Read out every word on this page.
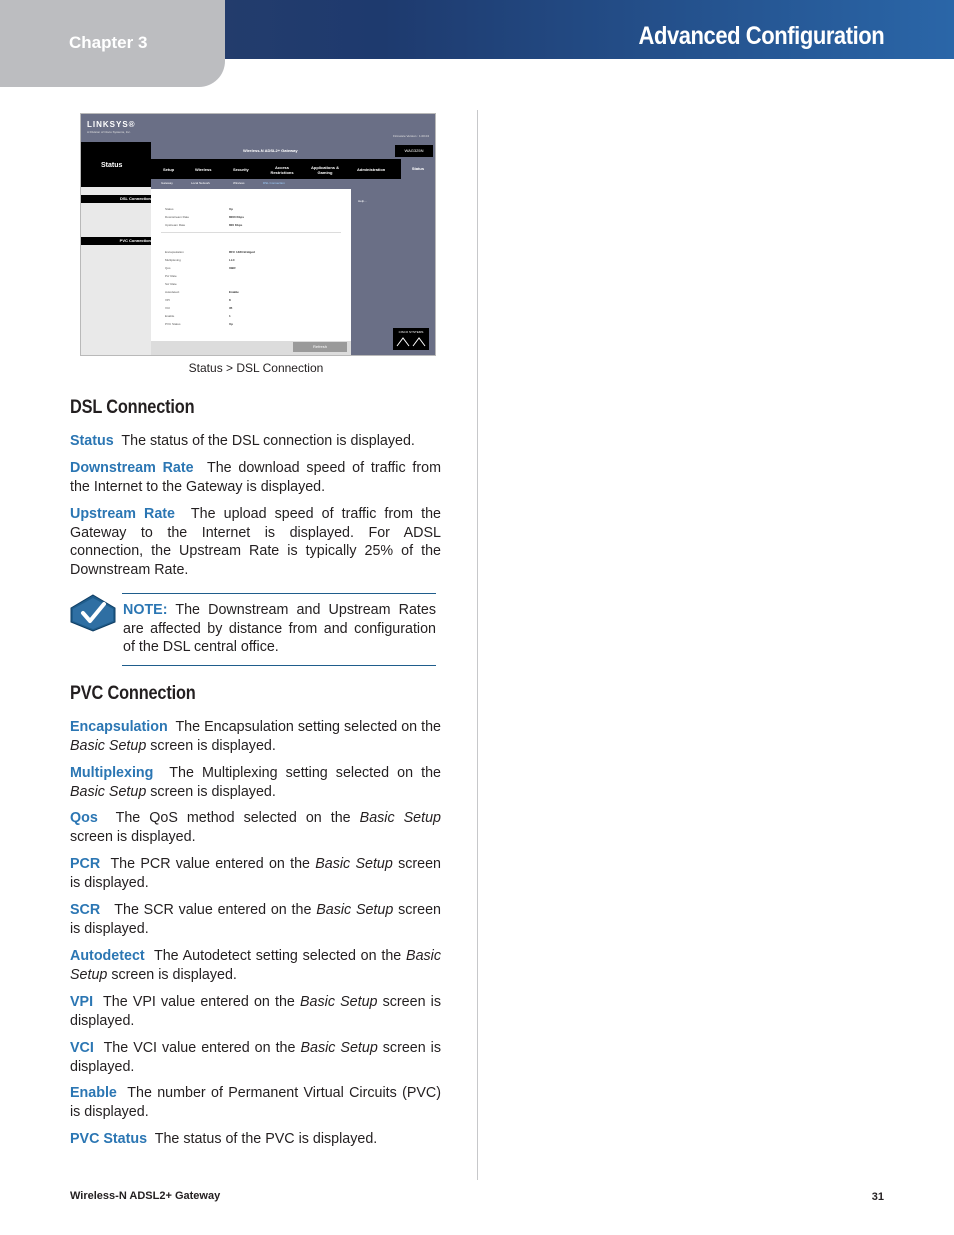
Chapter 3	Advanced Configuration
LINKSYS®
A Division of Cisco Systems, Inc.
Firmware Version : 1.00.04
Status
Wireless-N ADSL2+ Gateway	WAG325N
Setup	Wireless	Security	Access Restrictions
Applications & Gaming
Administration	Status
Gateway	Local Network	Wireless	DSL Connection
DSL Connection
PVC Connection
Help...
Status	Up
Downstream Rate	8000 Kbps
Upstream Rate	800 Kbps
Encapsulation	RFC 1483 Bridged
Multiplexing	LLC
Qos	UBR
Pcr Rate
Scr Rate
Autodetect	Enable
VPI	8
VCI	35
Enable	1
PVC Status	Up
Refresh
CISCO SYSTEMS
Status > DSL Connection
DSL Connection
Status  The status of the DSL connection is displayed.
Downstream Rate  The download speed of traffic from the Internet to the Gateway is displayed.
Upstream Rate  The upload speed of traffic from the Gateway to the Internet is displayed. For ADSL connection, the Upstream Rate is typically 25% of the Downstream Rate.
NOTE: The Downstream and Upstream Rates are affected by distance from and configuration of the DSL central office.
PVC Connection
Encapsulation  The Encapsulation setting selected on the Basic Setup screen is displayed.
Multiplexing  The Multiplexing setting selected on the Basic Setup screen is displayed.
Qos  The QoS method selected on the Basic Setup screen is displayed.
PCR  The PCR value entered on the Basic Setup screen is displayed.
SCR   The SCR value entered on the Basic Setup screen is displayed.
Autodetect  The Autodetect setting selected on the Basic Setup screen is displayed.
VPI  The VPI value entered on the Basic Setup screen is displayed.
VCI  The VCI value entered on the Basic Setup screen is displayed.
Enable  The number of Permanent Virtual Circuits (PVC) is displayed.
PVC Status  The status of the PVC is displayed.
Wireless-N ADSL2+ Gateway	31
